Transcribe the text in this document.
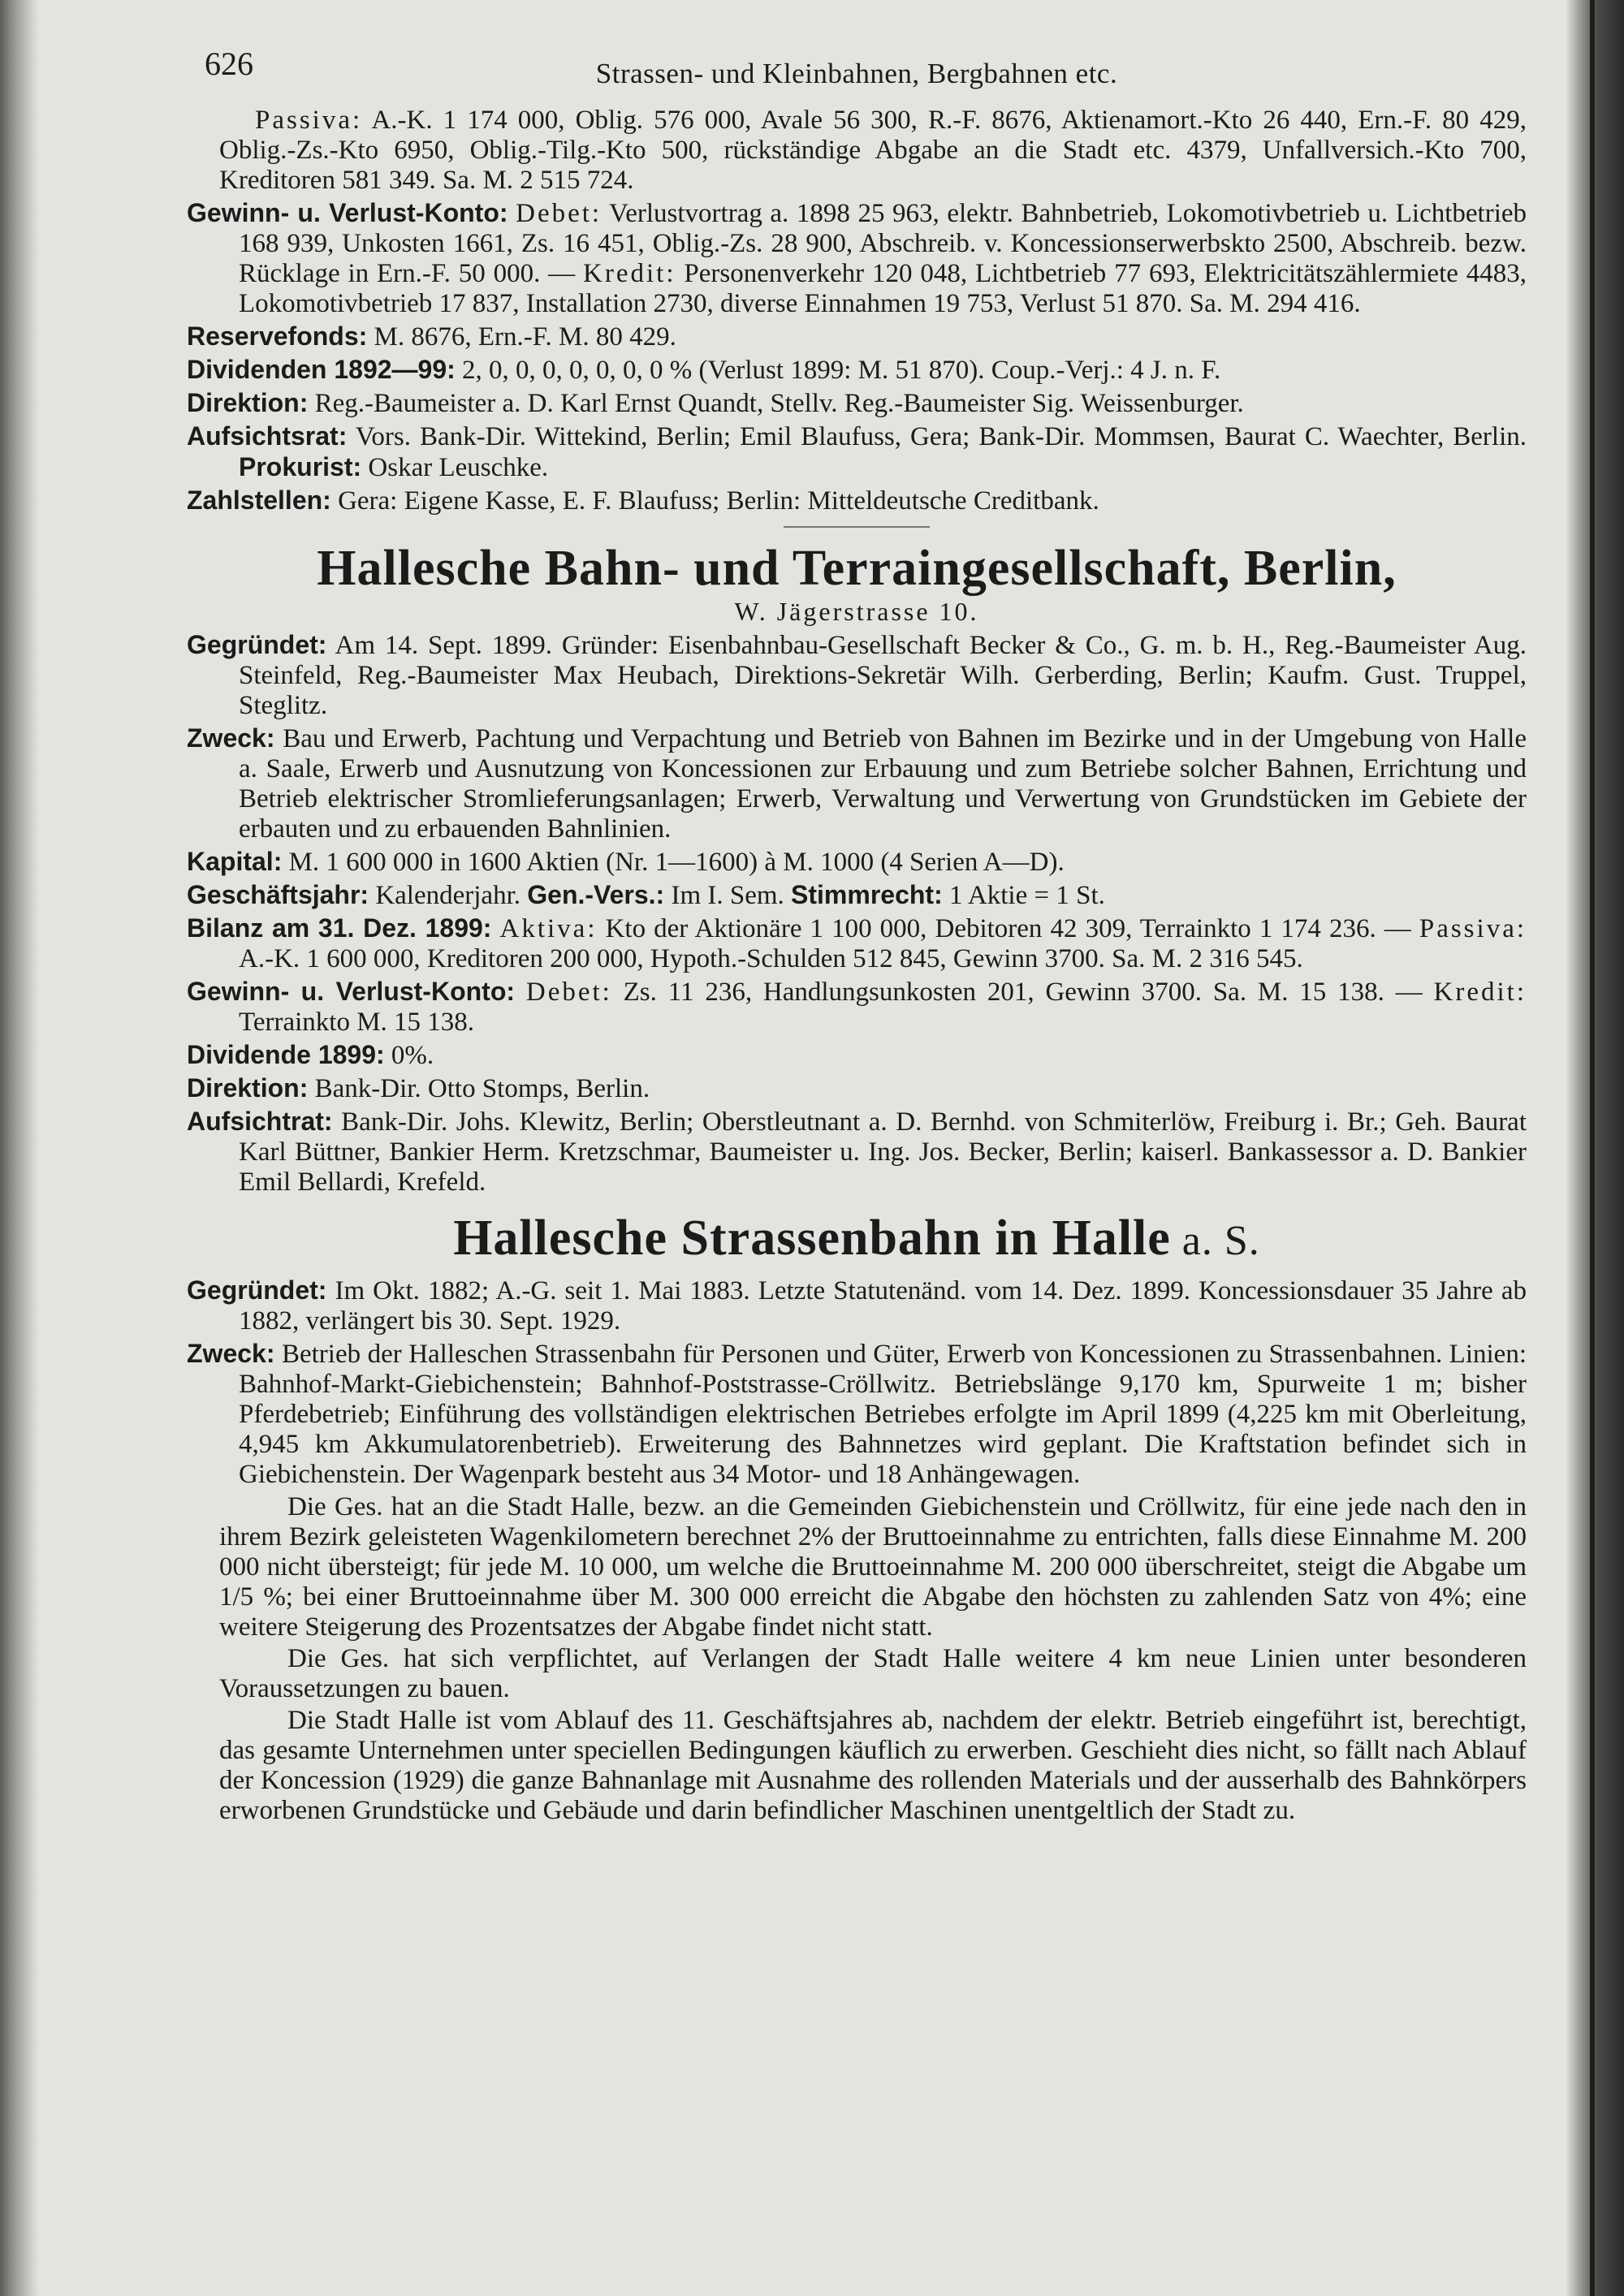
626	Strassen- und Kleinbahnen, Bergbahnen etc.
Passiva: A.-K. 1 174 000, Oblig. 576 000, Avale 56 300, R.-F. 8676, Aktienamort.-Kto 26 440, Ern.-F. 80 429, Oblig.-Zs.-Kto 6950, Oblig.-Tilg.-Kto 500, rückständige Abgabe an die Stadt etc. 4379, Unfallversich.-Kto 700, Kreditoren 581 349. Sa. M. 2 515 724.
Gewinn- u. Verlust-Konto: Debet: Verlustvortrag a. 1898 25 963, elektr. Bahnbetrieb, Lokomotivbetrieb u. Lichtbetrieb 168 939, Unkosten 1661, Zs. 16 451, Oblig.-Zs. 28 900, Abschreib. v. Koncessionserwerbskto 2500, Abschreib. bezw. Rücklage in Ern.-F. 50 000. — Kredit: Personenverkehr 120 048, Lichtbetrieb 77 693, Elektricitätszählermiete 4483, Lokomotivbetrieb 17 837, Installation 2730, diverse Einnahmen 19 753, Verlust 51 870. Sa. M. 294 416.
Reservefonds: M. 8676, Ern.-F. M. 80 429.
Dividenden 1892—99: 2, 0, 0, 0, 0, 0, 0, 0 % (Verlust 1899: M. 51 870). Coup.-Verj.: 4 J. n. F.
Direktion: Reg.-Baumeister a. D. Karl Ernst Quandt, Stellv. Reg.-Baumeister Sig. Weissenburger.
Aufsichtsrat: Vors. Bank-Dir. Wittekind, Berlin; Emil Blaufuss, Gera; Bank-Dir. Mommsen, Baurat C. Waechter, Berlin. Prokurist: Oskar Leuschke.
Zahlstellen: Gera: Eigene Kasse, E. F. Blaufuss; Berlin: Mitteldeutsche Creditbank.
Hallesche Bahn- und Terraingesellschaft, Berlin,
W. Jägerstrasse 10.
Gegründet: Am 14. Sept. 1899. Gründer: Eisenbahnbau-Gesellschaft Becker & Co., G. m. b. H., Reg.-Baumeister Aug. Steinfeld, Reg.-Baumeister Max Heubach, Direktions-Sekretär Wilh. Gerberding, Berlin; Kaufm. Gust. Truppel, Steglitz.
Zweck: Bau und Erwerb, Pachtung und Verpachtung und Betrieb von Bahnen im Bezirke und in der Umgebung von Halle a. Saale, Erwerb und Ausnutzung von Koncessionen zur Erbauung und zum Betriebe solcher Bahnen, Errichtung und Betrieb elektrischer Stromlieferungsanlagen; Erwerb, Verwaltung und Verwertung von Grundstücken im Gebiete der erbauten und zu erbauenden Bahnlinien.
Kapital: M. 1 600 000 in 1600 Aktien (Nr. 1—1600) à M. 1000 (4 Serien A—D).
Geschäftsjahr: Kalenderjahr. Gen.-Vers.: Im I. Sem. Stimmrecht: 1 Aktie = 1 St.
Bilanz am 31. Dez. 1899: Aktiva: Kto der Aktionäre 1 100 000, Debitoren 42 309, Terrainkto 1 174 236. — Passiva: A.-K. 1 600 000, Kreditoren 200 000, Hypoth.-Schulden 512 845, Gewinn 3700. Sa. M. 2 316 545.
Gewinn- u. Verlust-Konto: Debet: Zs. 11 236, Handlungsunkosten 201, Gewinn 3700. Sa. M. 15 138. — Kredit: Terrainkto M. 15 138.
Dividende 1899: 0%.
Direktion: Bank-Dir. Otto Stomps, Berlin.
Aufsichtrat: Bank-Dir. Johs. Klewitz, Berlin; Oberstleutnant a. D. Bernhd. von Schmiterlöw, Freiburg i. Br.; Geh. Baurat Karl Büttner, Bankier Herm. Kretzschmar, Baumeister u. Ing. Jos. Becker, Berlin; kaiserl. Bankassessor a. D. Bankier Emil Bellardi, Krefeld.
Hallesche Strassenbahn in Halle a. S.
Gegründet: Im Okt. 1882; A.-G. seit 1. Mai 1883. Letzte Statutenänd. vom 14. Dez. 1899. Koncessionsdauer 35 Jahre ab 1882, verlängert bis 30. Sept. 1929.
Zweck: Betrieb der Halleschen Strassenbahn für Personen und Güter, Erwerb von Koncessionen zu Strassenbahnen. Linien: Bahnhof-Markt-Giebichenstein; Bahnhof-Poststrasse-Cröllwitz. Betriebslänge 9,170 km, Spurweite 1 m; bisher Pferdebetrieb; Einführung des vollständigen elektrischen Betriebes erfolgte im April 1899 (4,225 km mit Oberleitung, 4,945 km Akkumulatorenbetrieb). Erweiterung des Bahnnetzes wird geplant. Die Kraftstation befindet sich in Giebichenstein. Der Wagenpark besteht aus 34 Motor- und 18 Anhängewagen.
Die Ges. hat an die Stadt Halle, bezw. an die Gemeinden Giebichenstein und Cröllwitz, für eine jede nach den in ihrem Bezirk geleisteten Wagenkilometern berechnet 2% der Bruttoeinnahme zu entrichten, falls diese Einnahme M. 200 000 nicht übersteigt; für jede M. 10 000, um welche die Bruttoeinnahme M. 200 000 überschreitet, steigt die Abgabe um 1/5 %; bei einer Bruttoeinnahme über M. 300 000 erreicht die Abgabe den höchsten zu zahlenden Satz von 4%; eine weitere Steigerung des Prozentsatzes der Abgabe findet nicht statt.
Die Ges. hat sich verpflichtet, auf Verlangen der Stadt Halle weitere 4 km neue Linien unter besonderen Voraussetzungen zu bauen.
Die Stadt Halle ist vom Ablauf des 11. Geschäftsjahres ab, nachdem der elektr. Betrieb eingeführt ist, berechtigt, das gesamte Unternehmen unter speciellen Bedingungen käuflich zu erwerben. Geschieht dies nicht, so fällt nach Ablauf der Koncession (1929) die ganze Bahnanlage mit Ausnahme des rollenden Materials und der ausserhalb des Bahnkörpers erworbenen Grundstücke und Gebäude und darin befindlicher Maschinen unentgeltlich der Stadt zu.
